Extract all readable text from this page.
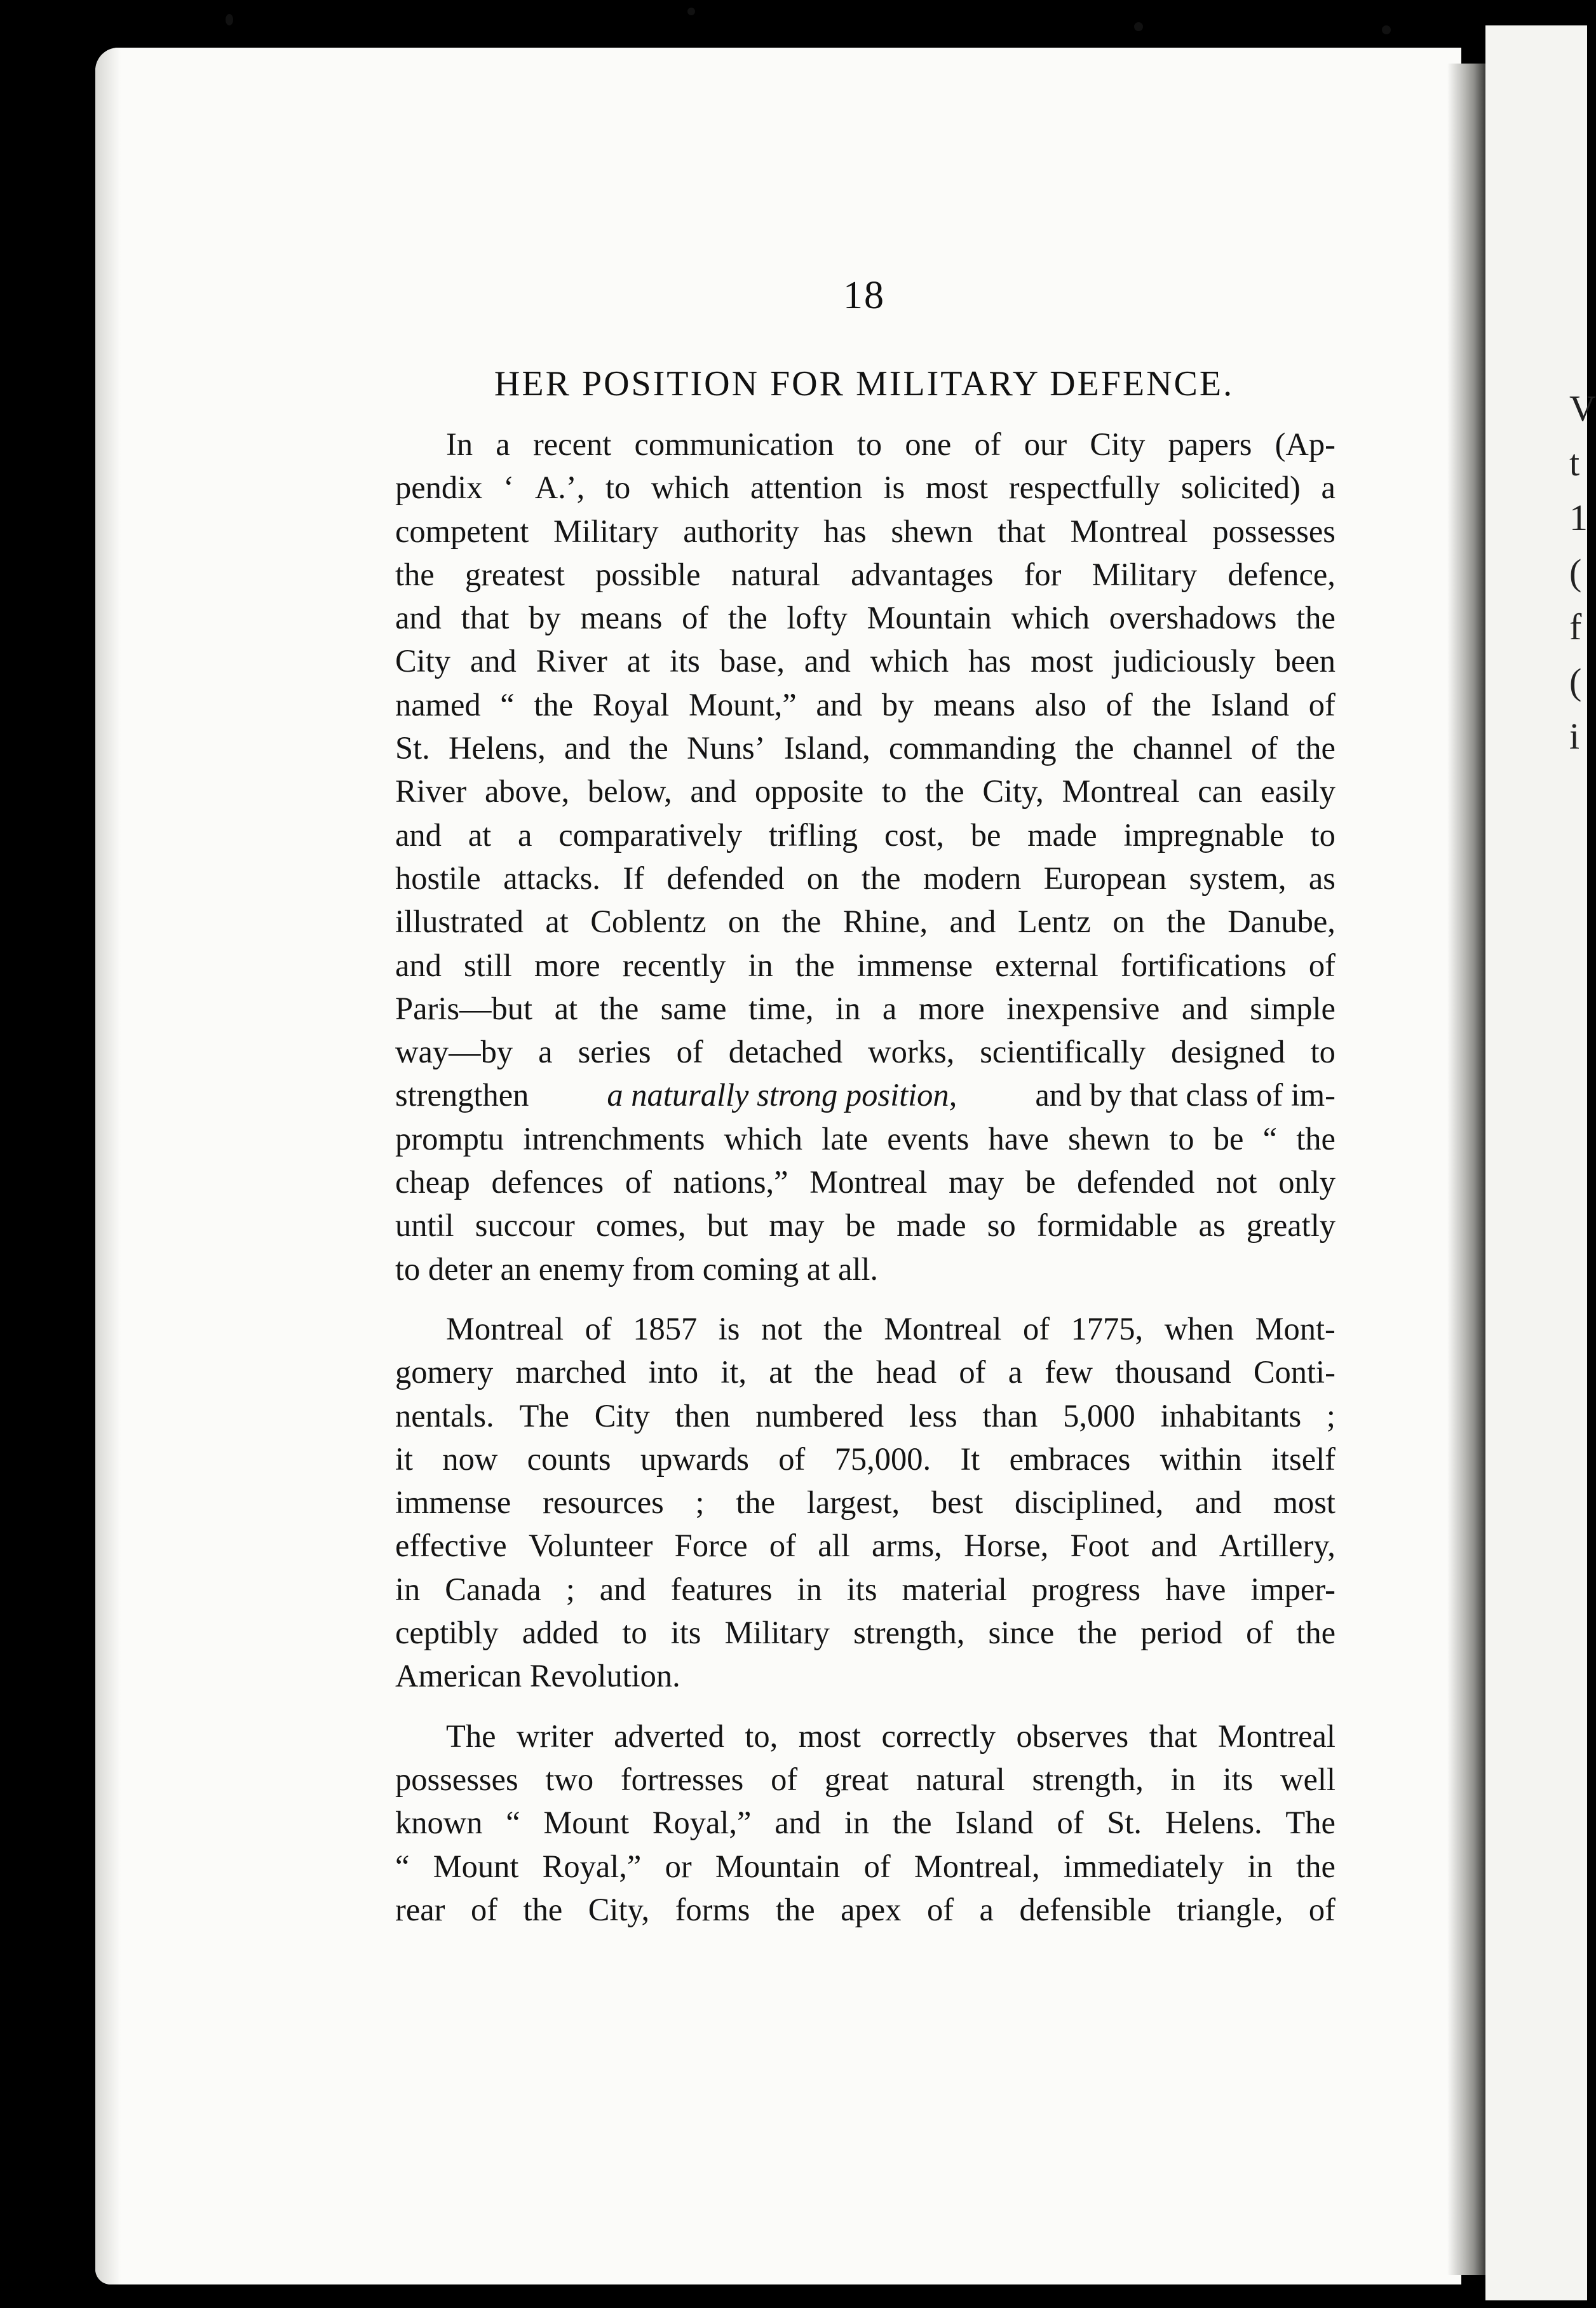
V
t
1
(
f
(
i
18
HER POSITION FOR MILITARY DEFENCE.
In a recent communication to one of our City papers (Ap-
pendix ‘ A.’, to which attention is most respectfully solicited) a
competent Military authority has shewn that Montreal possesses
the greatest possible natural advantages for Military defence,
and that by means of the lofty Mountain which overshadows the
City and River at its base, and which has most judiciously been
named “ the Royal Mount,” and by means also of the Island of
St. Helens, and the Nuns’ Island, commanding the channel of the
River above, below, and opposite to the City, Montreal can easily
and at a comparatively trifling cost, be made impregnable to
hostile attacks. If defended on the modern European system, as
illustrated at Coblentz on the Rhine, and Lentz on the Danube,
and still more recently in the immense external fortifications of
Paris—but at the same time, in a more inexpensive and simple
way—by a series of detached works, scientifically designed to
strengthen a naturally strong position, and by that class of im-
promptu intrenchments which late events have shewn to be “ the
cheap defences of nations,” Montreal may be defended not only
until succour comes, but may be made so formidable as greatly
to deter an enemy from coming at all.
Montreal of 1857 is not the Montreal of 1775, when Mont-
gomery marched into it, at the head of a few thousand Conti-
nentals. The City then numbered less than 5,000 inhabitants ;
it now counts upwards of 75,000. It embraces within itself
immense resources ; the largest, best disciplined, and most
effective Volunteer Force of all arms, Horse, Foot and Artillery,
in Canada ; and features in its material progress have imper-
ceptibly added to its Military strength, since the period of the
American Revolution.
The writer adverted to, most correctly observes that Montreal
possesses two fortresses of great natural strength, in its well
known “ Mount Royal,” and in the Island of St. Helens. The
“ Mount Royal,” or Mountain of Montreal, immediately in the
rear of the City, forms the apex of a defensible triangle, of
